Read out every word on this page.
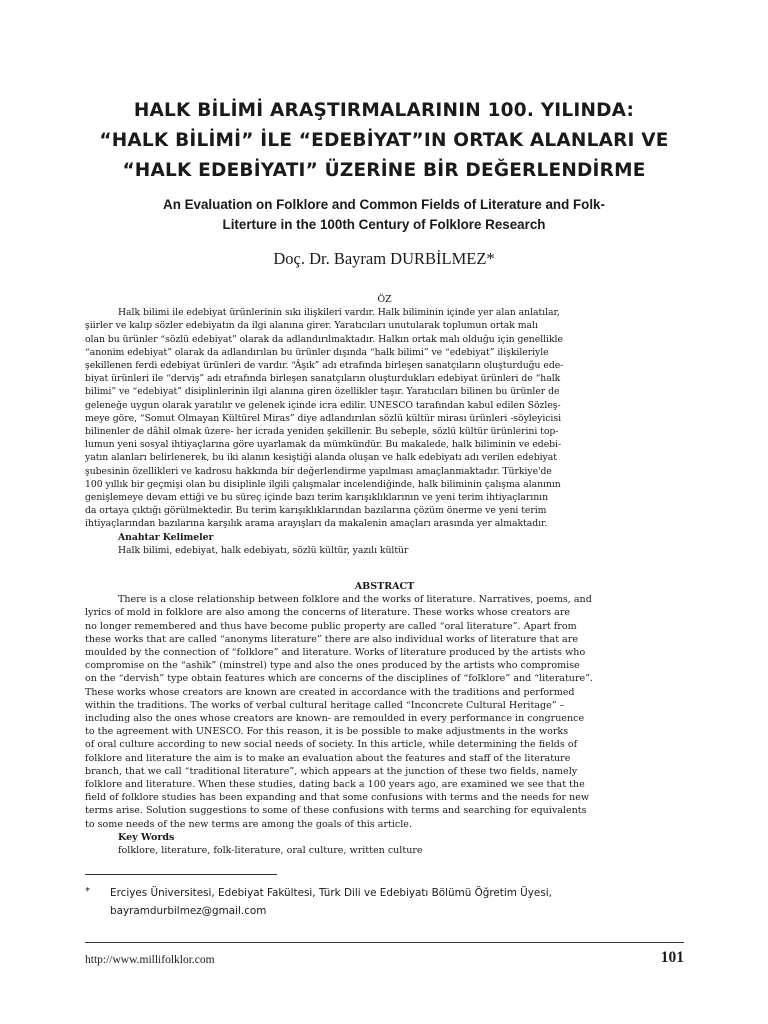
HALK BİLİMİ ARAŞTIRMALARININ 100. YILINDA:
“HALK BİLİMİ” İLE “EDEBİYAT”IN ORTAK ALANLARI VE
“HALK EDEBİYATI” ÜZERİNE BİR DEĞERLENDİRME
An Evaluation on Folklore and Common Fields of Literature and Folk-
Literture in the 100th Century of Folklore Research
Doç. Dr. Bayram DURBİLMEZ*
ÖZ
Halk bilimi ile edebiyat ürünlerinin sıkı ilişkileri vardır. Halk biliminin içinde yer alan anlatılar,
şiirler ve kalıp sözler edebiyatın da ilgi alanına girer. Yaratıcıları unutularak toplumun ortak malı
olan bu ürünler “sözlü edebiyat” olarak da adlandırılmaktadır. Halkın ortak malı olduğu için genellikle
“anonim edebiyat” olarak da adlandırılan bu ürünler dışında “halk bilimi” ve “edebiyat” ilişkileriyle
şekillenen ferdi edebiyat ürünleri de vardır. “Âşık” adı etrafında birleşen sanatçıların oluşturduğu ede-
biyat ürünleri ile “derviş” adı etrafında birleşen sanatçıların oluşturdukları edebiyat ürünleri de “halk
bilimi” ve “edebiyat” disiplinlerinin ilgi alanına giren özellikler taşır. Yaratıcıları bilinen bu ürünler de
geleneğe uygun olarak yaratılır ve gelenek içinde icra edilir. UNESCO tarafından kabul edilen Sözleş-
meye göre, “Somut Olmayan Kültürel Miras” diye adlandırılan sözlü kültür mirası ürünleri -söyleyicisi
bilinenler de dâhil olmak üzere- her icrada yeniden şekillenir. Bu sebeple, sözlü kültür ürünlerini top-
lumun yeni sosyal ihtiyaçlarına göre uyarlamak da mümkündür. Bu makalede, halk biliminin ve edebi-
yatın alanları belirlenerek, bu iki alanın kesiştiği alanda oluşan ve halk edebiyatı adı verilen edebiyat
şubesinin özellikleri ve kadrosu hakkında bir değerlendirme yapılması amaçlanmaktadır. Türkiye'de
100 yıllık bir geçmişi olan bu disiplinle ilgili çalışmalar incelendiğinde, halk biliminin çalışma alanının
genişlemeye devam ettiği ve bu süreç içinde bazı terim karışıklıklarının ve yeni terim ihtiyaçlarının
da ortaya çıktığı görülmektedir. Bu terim karışıklıklarından bazılarına çözüm önerme ve yeni terim
ihtiyaçlarından bazılarına karşılık arama arayışları da makalenin amaçları arasında yer almaktadır.
Anahtar Kelimeler
Halk bilimi, edebiyat, halk edebiyatı, sözlü kültür, yazılı kültür
ABSTRACT
There is a close relationship between folklore and the works of literature. Narratives, poems, and
lyrics of mold in folklore are also among the concerns of literature. These works whose creators are
no longer remembered and thus have become public property are called “oral literature”. Apart from
these works that are called “anonyms literature” there are also individual works of literature that are
moulded by the connection of “folklore” and literature. Works of literature produced by the artists who
compromise on the “ashik” (minstrel) type and also the ones produced by the artists who compromise
on the “dervish” type obtain features which are concerns of the disciplines of “folklore” and “literature”.
These works whose creators are known are created in accordance with the traditions and performed
within the traditions. The works of verbal cultural heritage called “Inconcrete Cultural Heritage” –
including also the ones whose creators are known- are remoulded in every performance in congruence
to the agreement with UNESCO. For this reason, it is be possible to make adjustments in the works
of oral culture according to new social needs of society. In this article, while determining the fields of
folklore and literature the aim is to make an evaluation about the features and staff of the literature
branch, that we call “traditional literature”, which appears at the junction of these two fields, namely
folklore and literature. When these studies, dating back a 100 years ago, are examined we see that the
field of folklore studies has been expanding and that some confusions with terms and the needs for new
terms arise. Solution suggestions to some of these confusions with terms and searching for equivalents
to some needs of the new terms are among the goals of this article.
Key Words
folklore, literature, folk-literature, oral culture, written culture
* Erciyes Üniversitesi, Edebiyat Fakültesi, Türk Dili ve Edebiyatı Bölümü Öğretim Üyesi,
bayramdurbilmez@gmail.com
http://www.millifolklor.com	101
